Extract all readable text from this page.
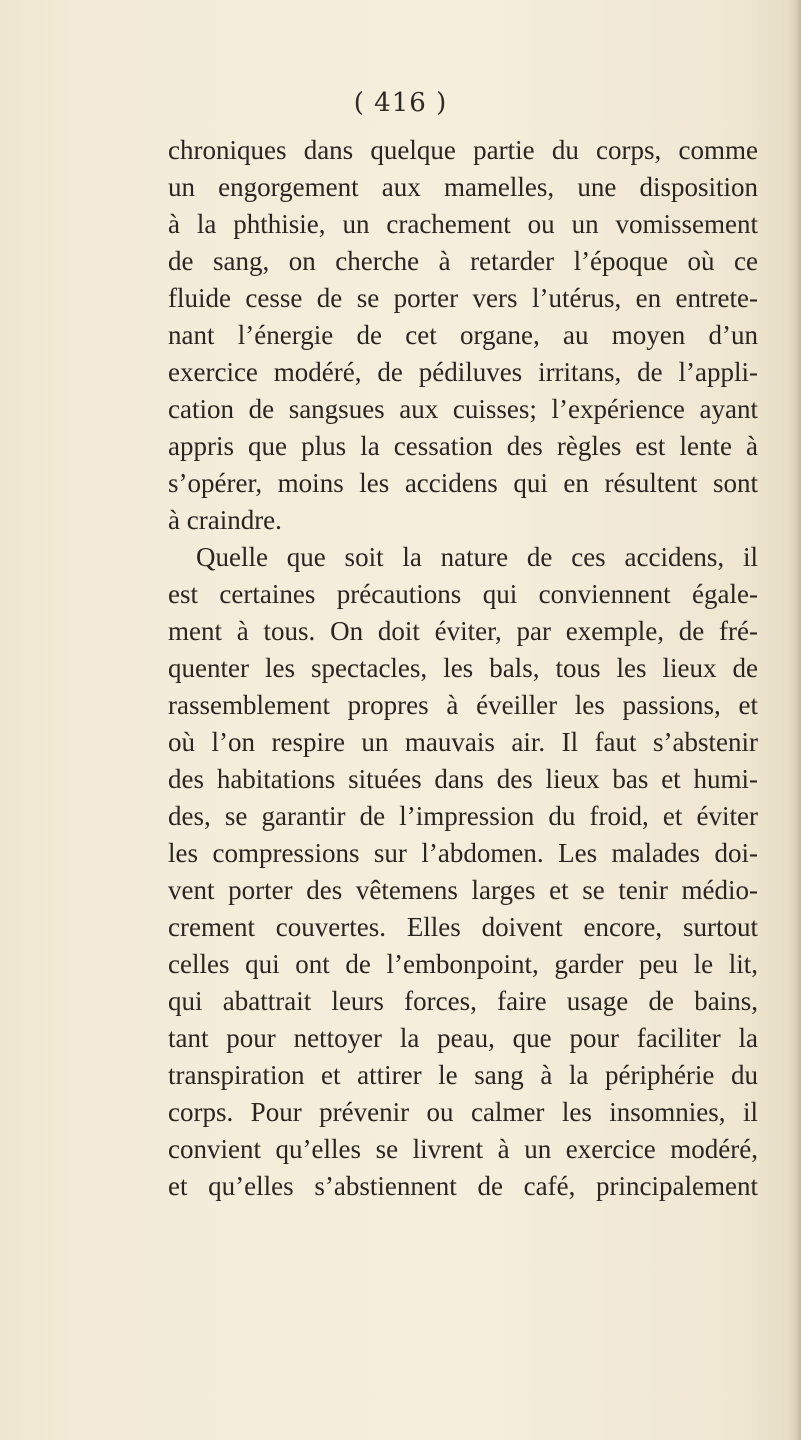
( 416 )
chroniques dans quelque partie du corps, comme
un engorgement aux mamelles, une disposition
à la phthisie, un crachement ou un vomissement
de sang, on cherche à retarder l’époque où ce
fluide cesse de se porter vers l’utérus, en entrete-
nant l’énergie de cet organe, au moyen d’un
exercice modéré, de pédiluves irritans, de l’appli-
cation de sangsues aux cuisses; l’expérience ayant
appris que plus la cessation des règles est lente à
s’opérer, moins les accidens qui en résultent sont
à craindre.
Quelle que soit la nature de ces accidens, il
est certaines précautions qui conviennent égale-
ment à tous. On doit éviter, par exemple, de fré-
quenter les spectacles, les bals, tous les lieux de
rassemblement propres à éveiller les passions, et
où l’on respire un mauvais air. Il faut s’abstenir
des habitations situées dans des lieux bas et humi-
des, se garantir de l’impression du froid, et éviter
les compressions sur l’abdomen. Les malades doi-
vent porter des vêtemens larges et se tenir médio-
crement couvertes. Elles doivent encore, surtout
celles qui ont de l’embonpoint, garder peu le lit,
qui abattrait leurs forces, faire usage de bains,
tant pour nettoyer la peau, que pour faciliter la
transpiration et attirer le sang à la périphérie du
corps. Pour prévenir ou calmer les insomnies, il
convient qu’elles se livrent à un exercice modéré,
et qu’elles s’abstiennent de café, principalement
